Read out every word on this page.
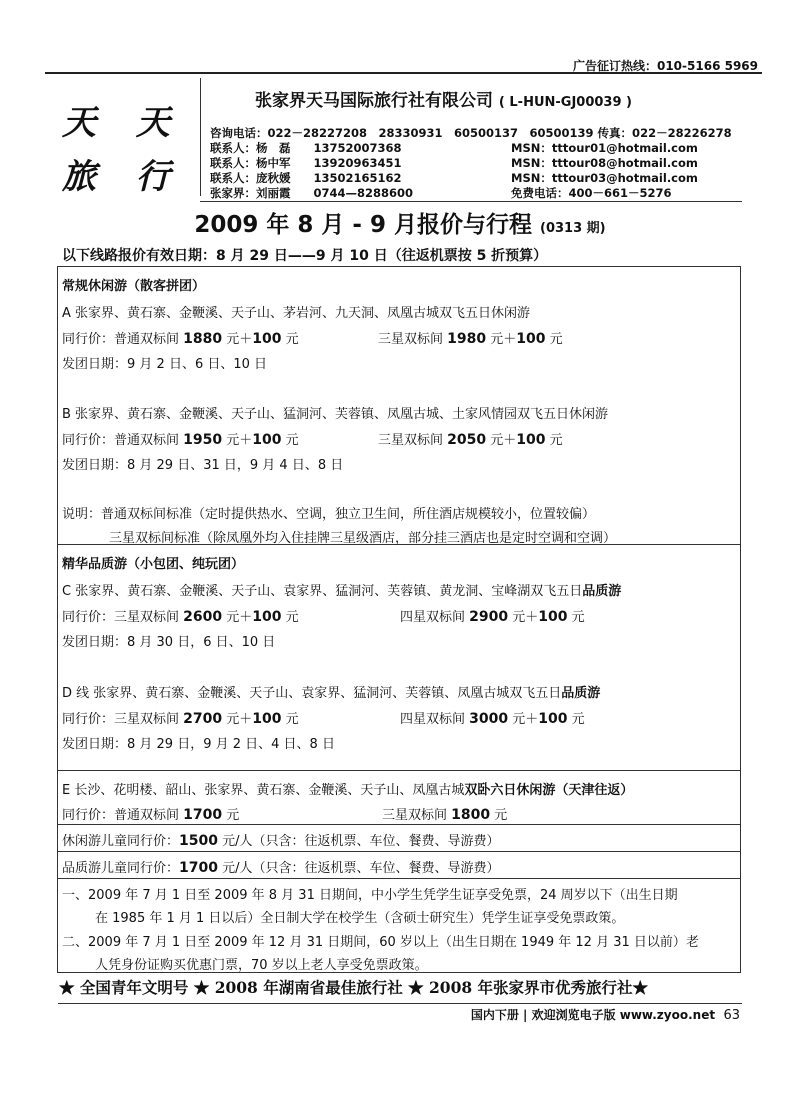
广告征订热线：010-5166 5969
天 天
旅 行
张家界天马国际旅行社有限公司 ( L-HUN-GJ00039 )
咨询电话：022－28227208　28330931　60500137　60500139 传真：022－28226278
联系人：杨　磊　　13752007368
联系人：杨中军　　13920963451
联系人：庞秋媛　　13502165162
张家界：刘丽霞　　0744—8288600
MSN：tttour01@hotmail.com
MSN：tttour08@hotmail.com
MSN：tttour03@hotmail.com
免费电话：400－661－5276
2009 年 8 月 - 9 月报价与行程 (0313 期)
以下线路报价有效日期：8 月 29 日——9 月 10 日（往返机票按 5 折预算）
常规休闲游（散客拼团）
A 张家界、黄石寨、金鞭溪、天子山、茅岩河、九天洞、凤凰古城双飞五日休闲游
同行价：普通双标间 1880 元＋100 元	三星双标间 1980 元＋100 元
发团日期：9 月 2 日、6 日、10 日
B 张家界、黄石寨、金鞭溪、天子山、猛洞河、芙蓉镇、凤凰古城、土家风情园双飞五日休闲游
同行价：普通双标间 1950 元＋100 元	三星双标间 2050 元＋100 元
发团日期：8 月 29 日、31 日，9 月 4 日、8 日
说明：普通双标间标准（定时提供热水、空调，独立卫生间，所住酒店规模较小，位置较偏）
三星双标间标准（除凤凰外均入住挂牌三星级酒店，部分挂三酒店也是定时空调和空调）
精华品质游（小包团、纯玩团）
C 张家界、黄石寨、金鞭溪、天子山、袁家界、猛洞河、芙蓉镇、黄龙洞、宝峰湖双飞五日品质游
同行价：三星双标间 2600 元＋100 元	四星双标间 2900 元＋100 元
发团日期：8 月 30 日，6 日、10 日
D 线 张家界、黄石寨、金鞭溪、天子山、袁家界、猛洞河、芙蓉镇、凤凰古城双飞五日品质游
同行价：三星双标间 2700 元＋100 元	四星双标间 3000 元＋100 元
发团日期：8 月 29 日，9 月 2 日、4 日、8 日
E 长沙、花明楼、韶山、张家界、黄石寨、金鞭溪、天子山、凤凰古城双卧六日休闲游（天津往返）
同行价：普通双标间 1700 元	三星双标间 1800 元
休闲游儿童同行价：1500 元/人（只含：往返机票、车位、餐费、导游费）
品质游儿童同行价：1700 元/人（只含：往返机票、车位、餐费、导游费）
一、2009 年 7 月 1 日至 2009 年 8 月 31 日期间，中小学生凭学生证享受免票，24 周岁以下（出生日期
在 1985 年 1 月 1 日以后）全日制大学在校学生（含硕士研究生）凭学生证享受免票政策。
二、2009 年 7 月 1 日至 2009 年 12 月 31 日期间，60 岁以上（出生日期在 1949 年 12 月 31 日以前）老
人凭身份证购买优惠门票，70 岁以上老人享受免票政策。
★ 全国青年文明号 ★ 2008 年湖南省最佳旅行社 ★ 2008 年张家界市优秀旅行社★
国内下册 | 欢迎浏览电子版 www.zyoo.net 63
